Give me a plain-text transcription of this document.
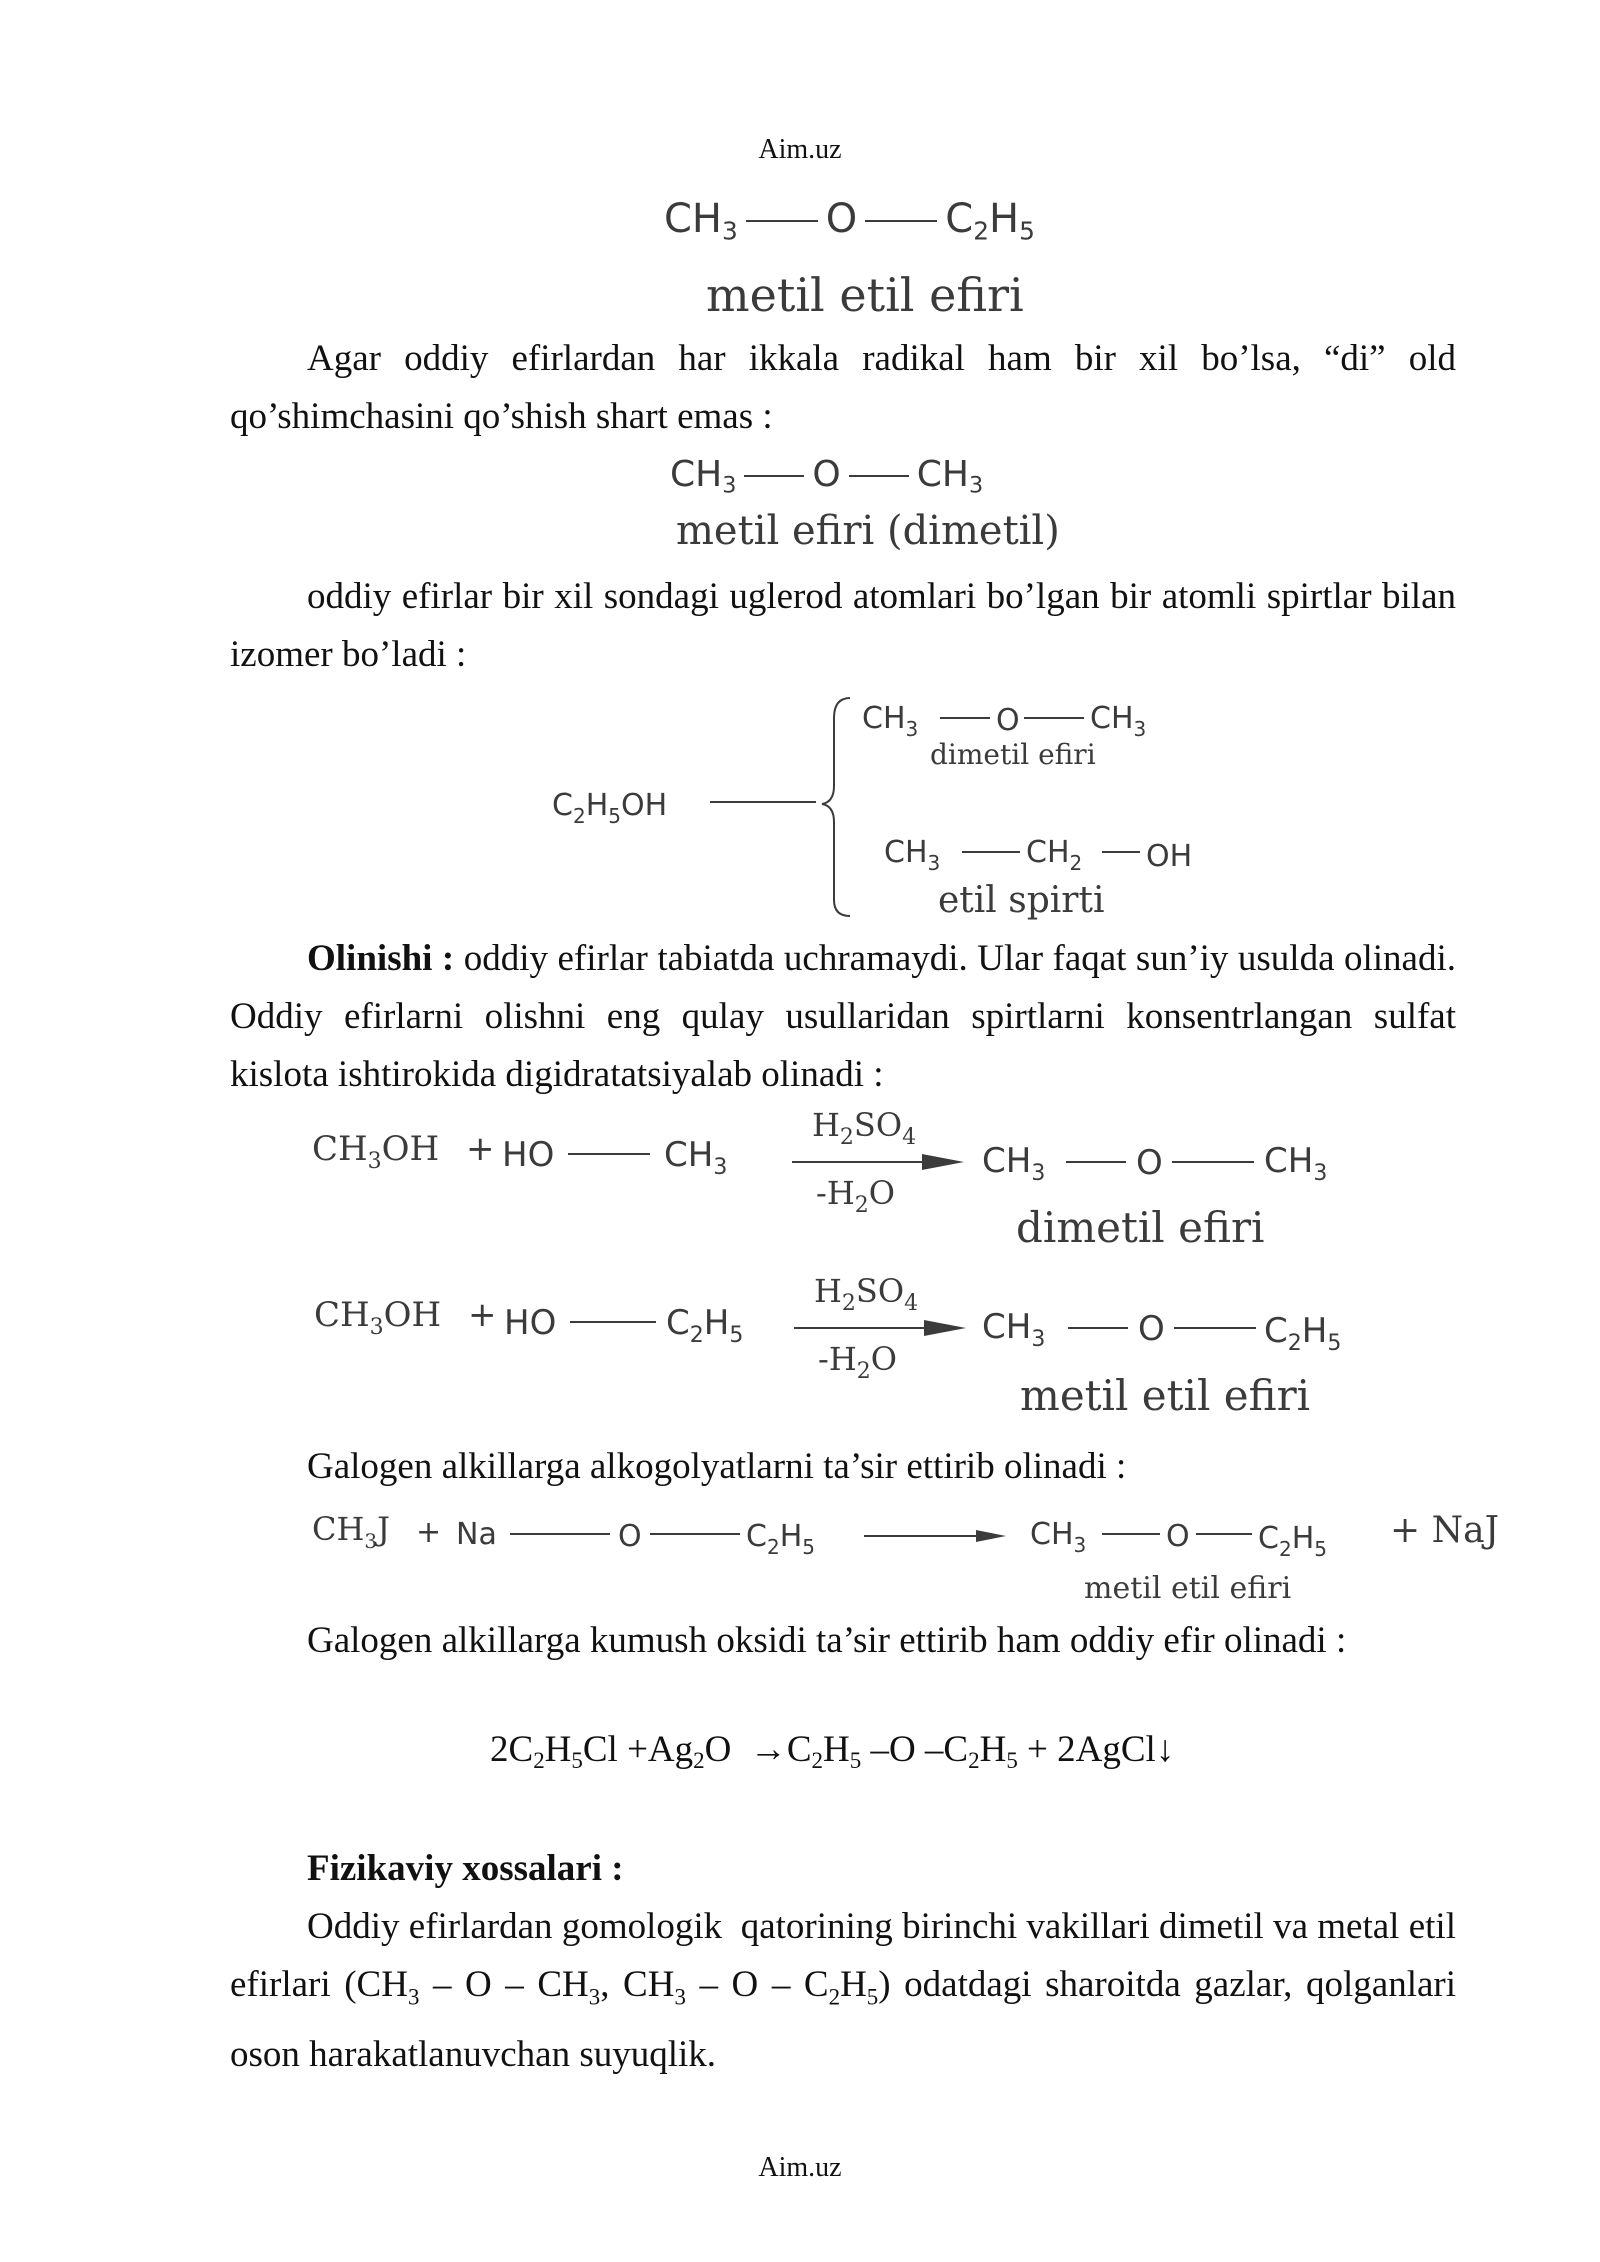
Aim.uz
$CH_3$ O $C_2H_5$
metil etil efiri
Agar oddiy efirlardan har ikkala radikal ham bir xil bo’lsa, “di” old qo’shimchasini qo’shish shart emas :
$CH_3$ O $CH_3$
metil efiri (dimetil)
oddiy efirlar bir xil sondagi uglerod atomlari bo’lgan bir atomli spirtlar bilan izomer bo’ladi :
$C_2H_5OH$
$CH_3$	O $CH_3$
dimetil efiri
$CH_3$	$CH_2$ OH
etil spirti
Olinishi : oddiy efirlar tabiatda uchramaydi. Ular faqat sun’iy usulda olinadi. Oddiy efirlarni olishni eng qulay usullaridan spirtlarni konsentrlangan sulfat kislota ishtirokida digidratatsiyalab olinadi :
$CH_3OH$ + HO	$CH_3$
$H_2SO_4$
$-H_2O$
$CH_3$	O	$CH_3$
dimetil efiri
$CH_3OH$ + HO	$C_2H_5$
$H_2SO_4$
$-H_2O$
$CH_3$	O	$C_2H_5$
metil etil efiri
Galogen alkillarga alkogolyatlarni ta’sir ettirib olinadi :
$CH_3J + Na$	O	$C_2H_5$	$CH_3$	O $C_2H_5$ + NaJ
metil etil efiri
Galogen alkillarga kumush oksidi ta’sir ettirib ham oddiy efir olinadi :
$2C_2H_5Cl +Ag_2O \to C_2H_5$ –O $-C_2H_5$ + 2AgCl↓
Fizikaviy xossalari :
Oddiy efirlardan gomologik  qatorining birinchi vakillari dimetil va metal etil efirlari ($CH_3$ – O – $CH_3$, $CH_3$ – O – $C_2H_5$) odatdagi sharoitda gazlar, qolganlari oson harakatlanuvchan suyuqlik.
Aim.uz
